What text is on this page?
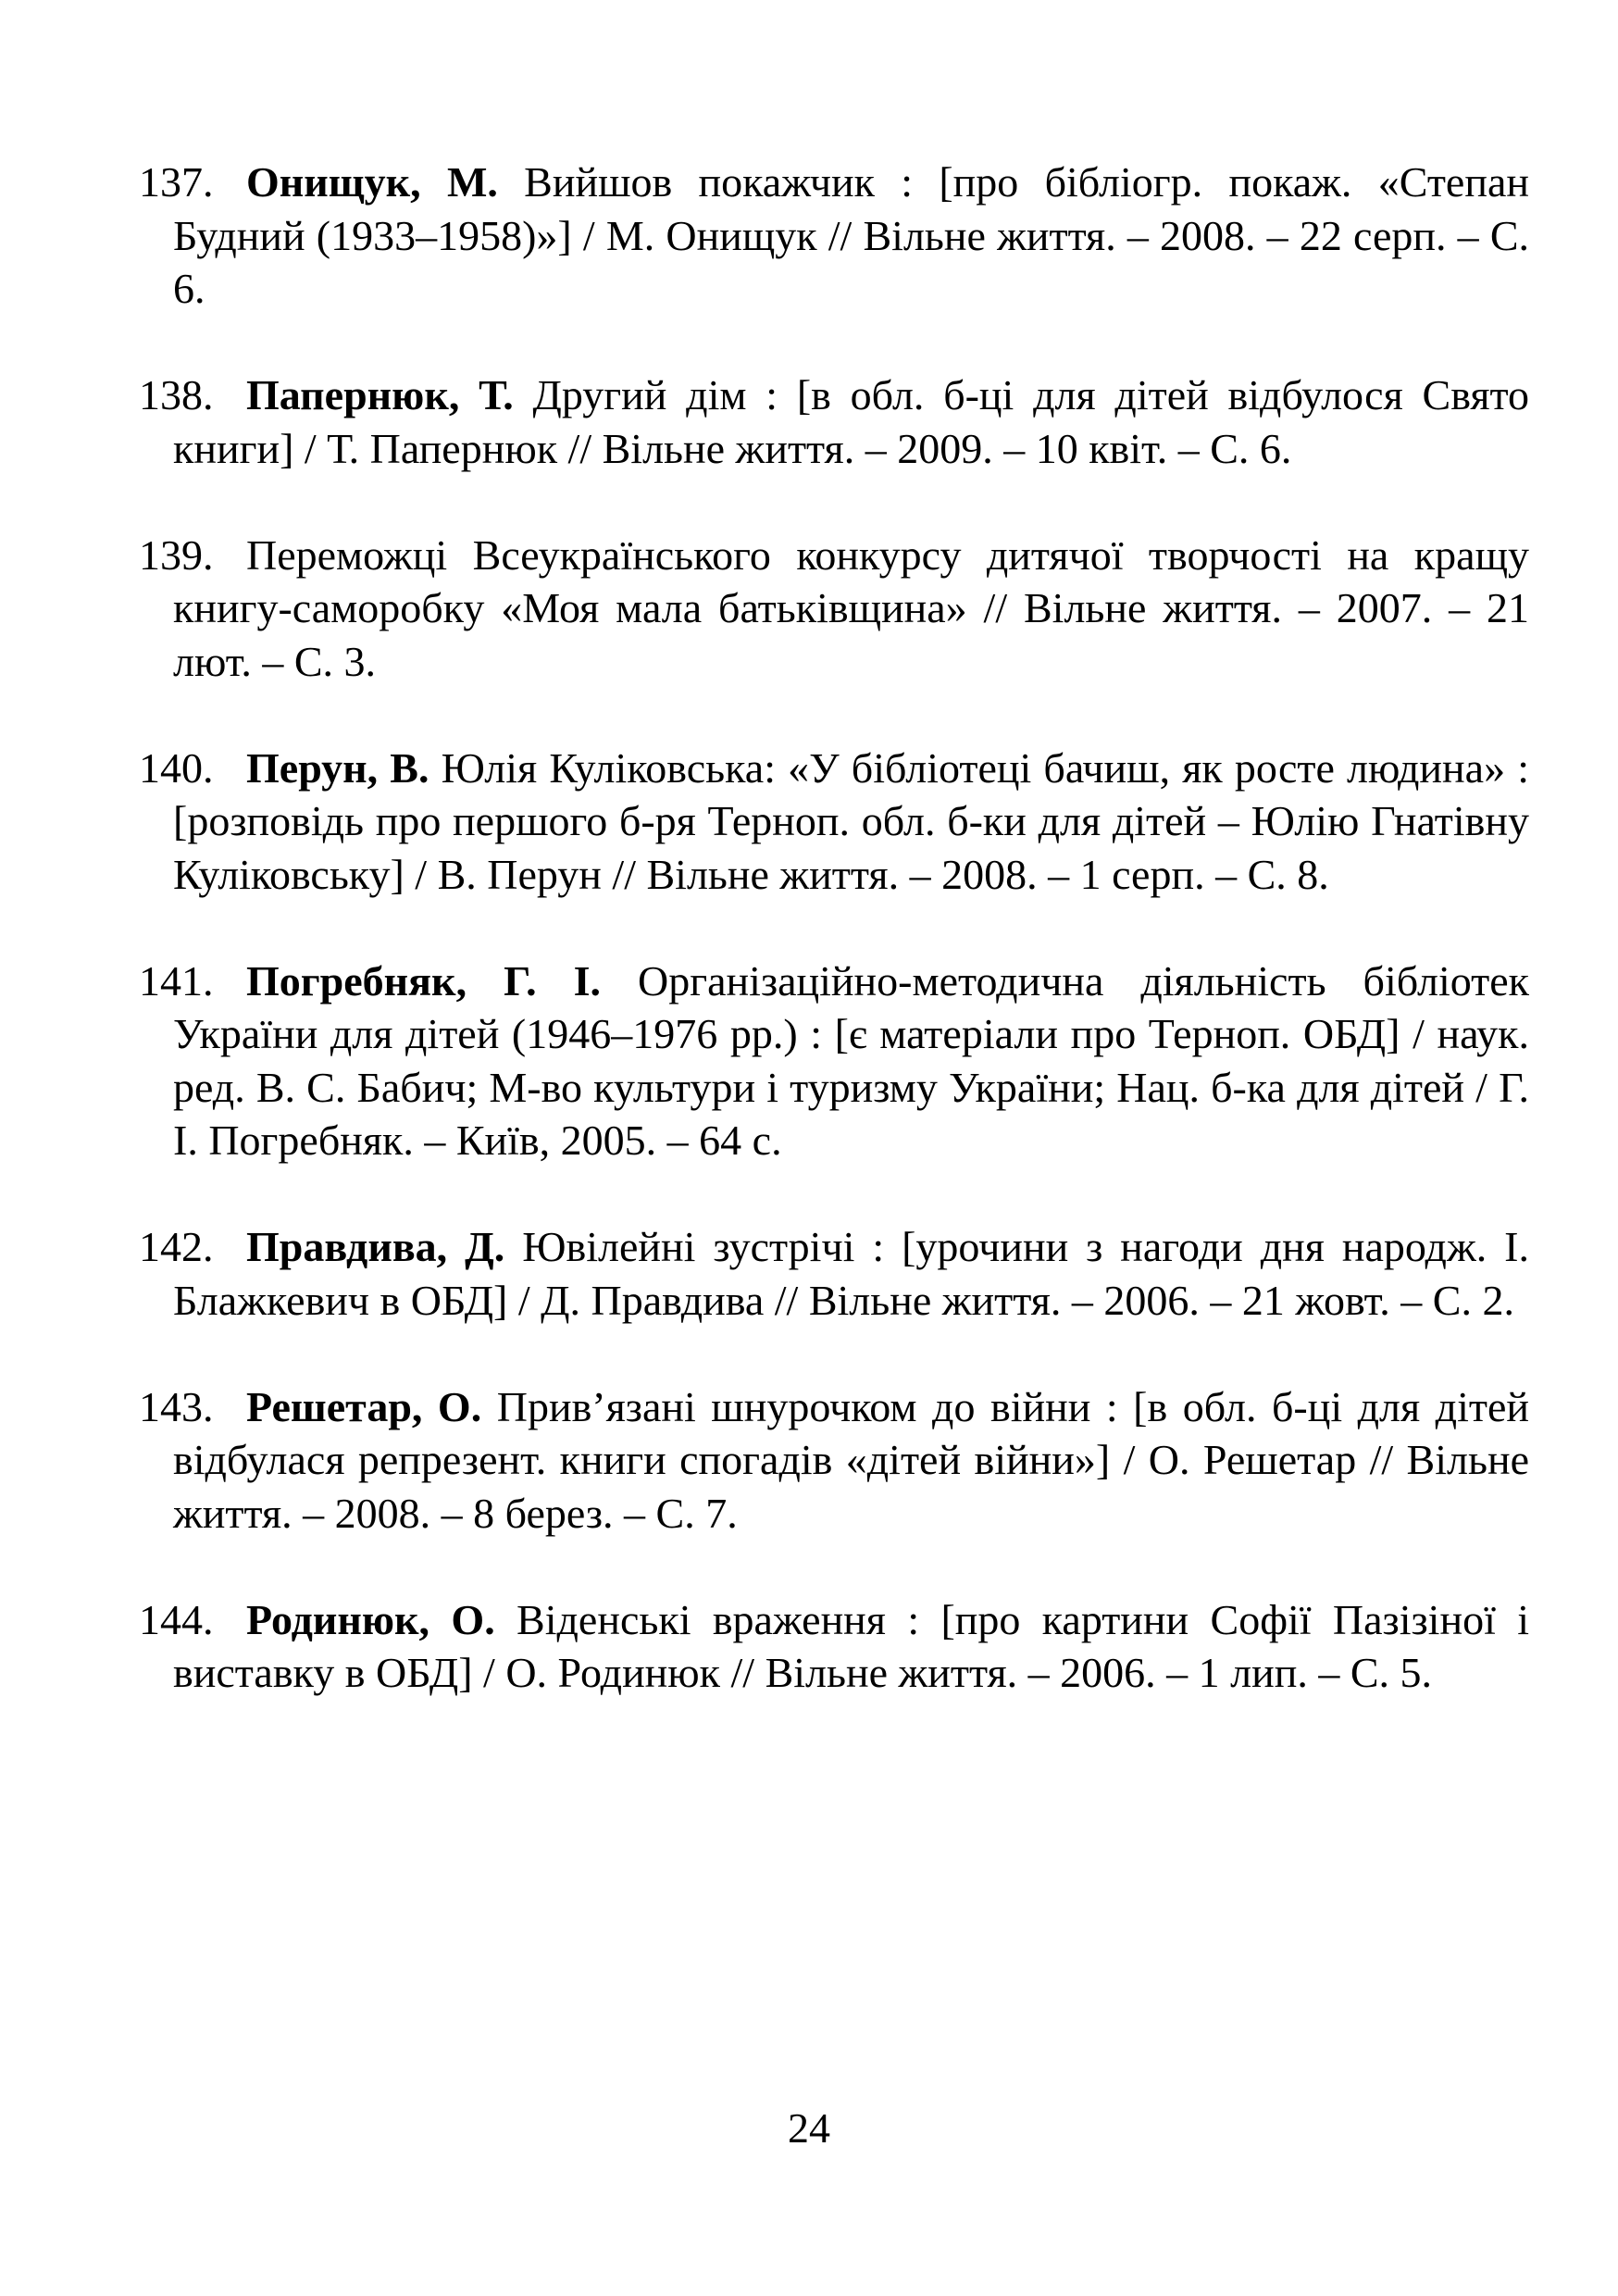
137. Онищук, М. Вийшов покажчик : [про бібліогр. покаж. «Степан Будний (1933–1958)»] / М. Онищук // Вільне життя. – 2008. – 22 серп. – С. 6.

138. Папернюк, Т. Другий дім : [в обл. б-ці для дітей відбулося Свято книги] / Т. Папернюк // Вільне життя. – 2009. – 10 квіт. – С. 6.

139. Переможці Всеукраїнського конкурсу дитячої творчості на кращу книгу-саморобку «Моя мала батьківщина» // Вільне життя. – 2007. – 21 лют. – С. 3.

140. Перун, В. Юлія Куліковська: «У бібліотеці бачиш, як росте людина» : [розповідь про першого б-ря Терноп. обл. б-ки для дітей – Юлію Гнатівну Куліковську] / В. Перун // Вільне життя. – 2008. – 1 серп. – С. 8.

141. Погребняк, Г. І. Організаційно-методична діяльність бібліотек України для дітей (1946–1976 рр.) : [є матеріали про Терноп. ОБД] / наук. ред. В. С. Бабич; М-во культури і туризму України; Нац. б-ка для дітей / Г. І. Погребняк. – Київ, 2005. – 64 с.

142. Правдива, Д. Ювілейні зустрічі : [урочини з нагоди дня народж. І. Блажкевич в ОБД] / Д. Правдива // Вільне життя. – 2006. – 21 жовт. – С. 2.

143. Решетар, О. Прив’язані шнурочком до війни : [в обл. б-ці для дітей відбулася репрезент. книги спогадів «дітей війни»] / О. Решетар // Вільне життя. – 2008. – 8 берез. – С. 7.

144. Родинюк, О. Віденські враження : [про картини Софії Пазізіної і виставку в ОБД] / О. Родинюк // Вільне життя. – 2006. – 1 лип. – С. 5.

24
